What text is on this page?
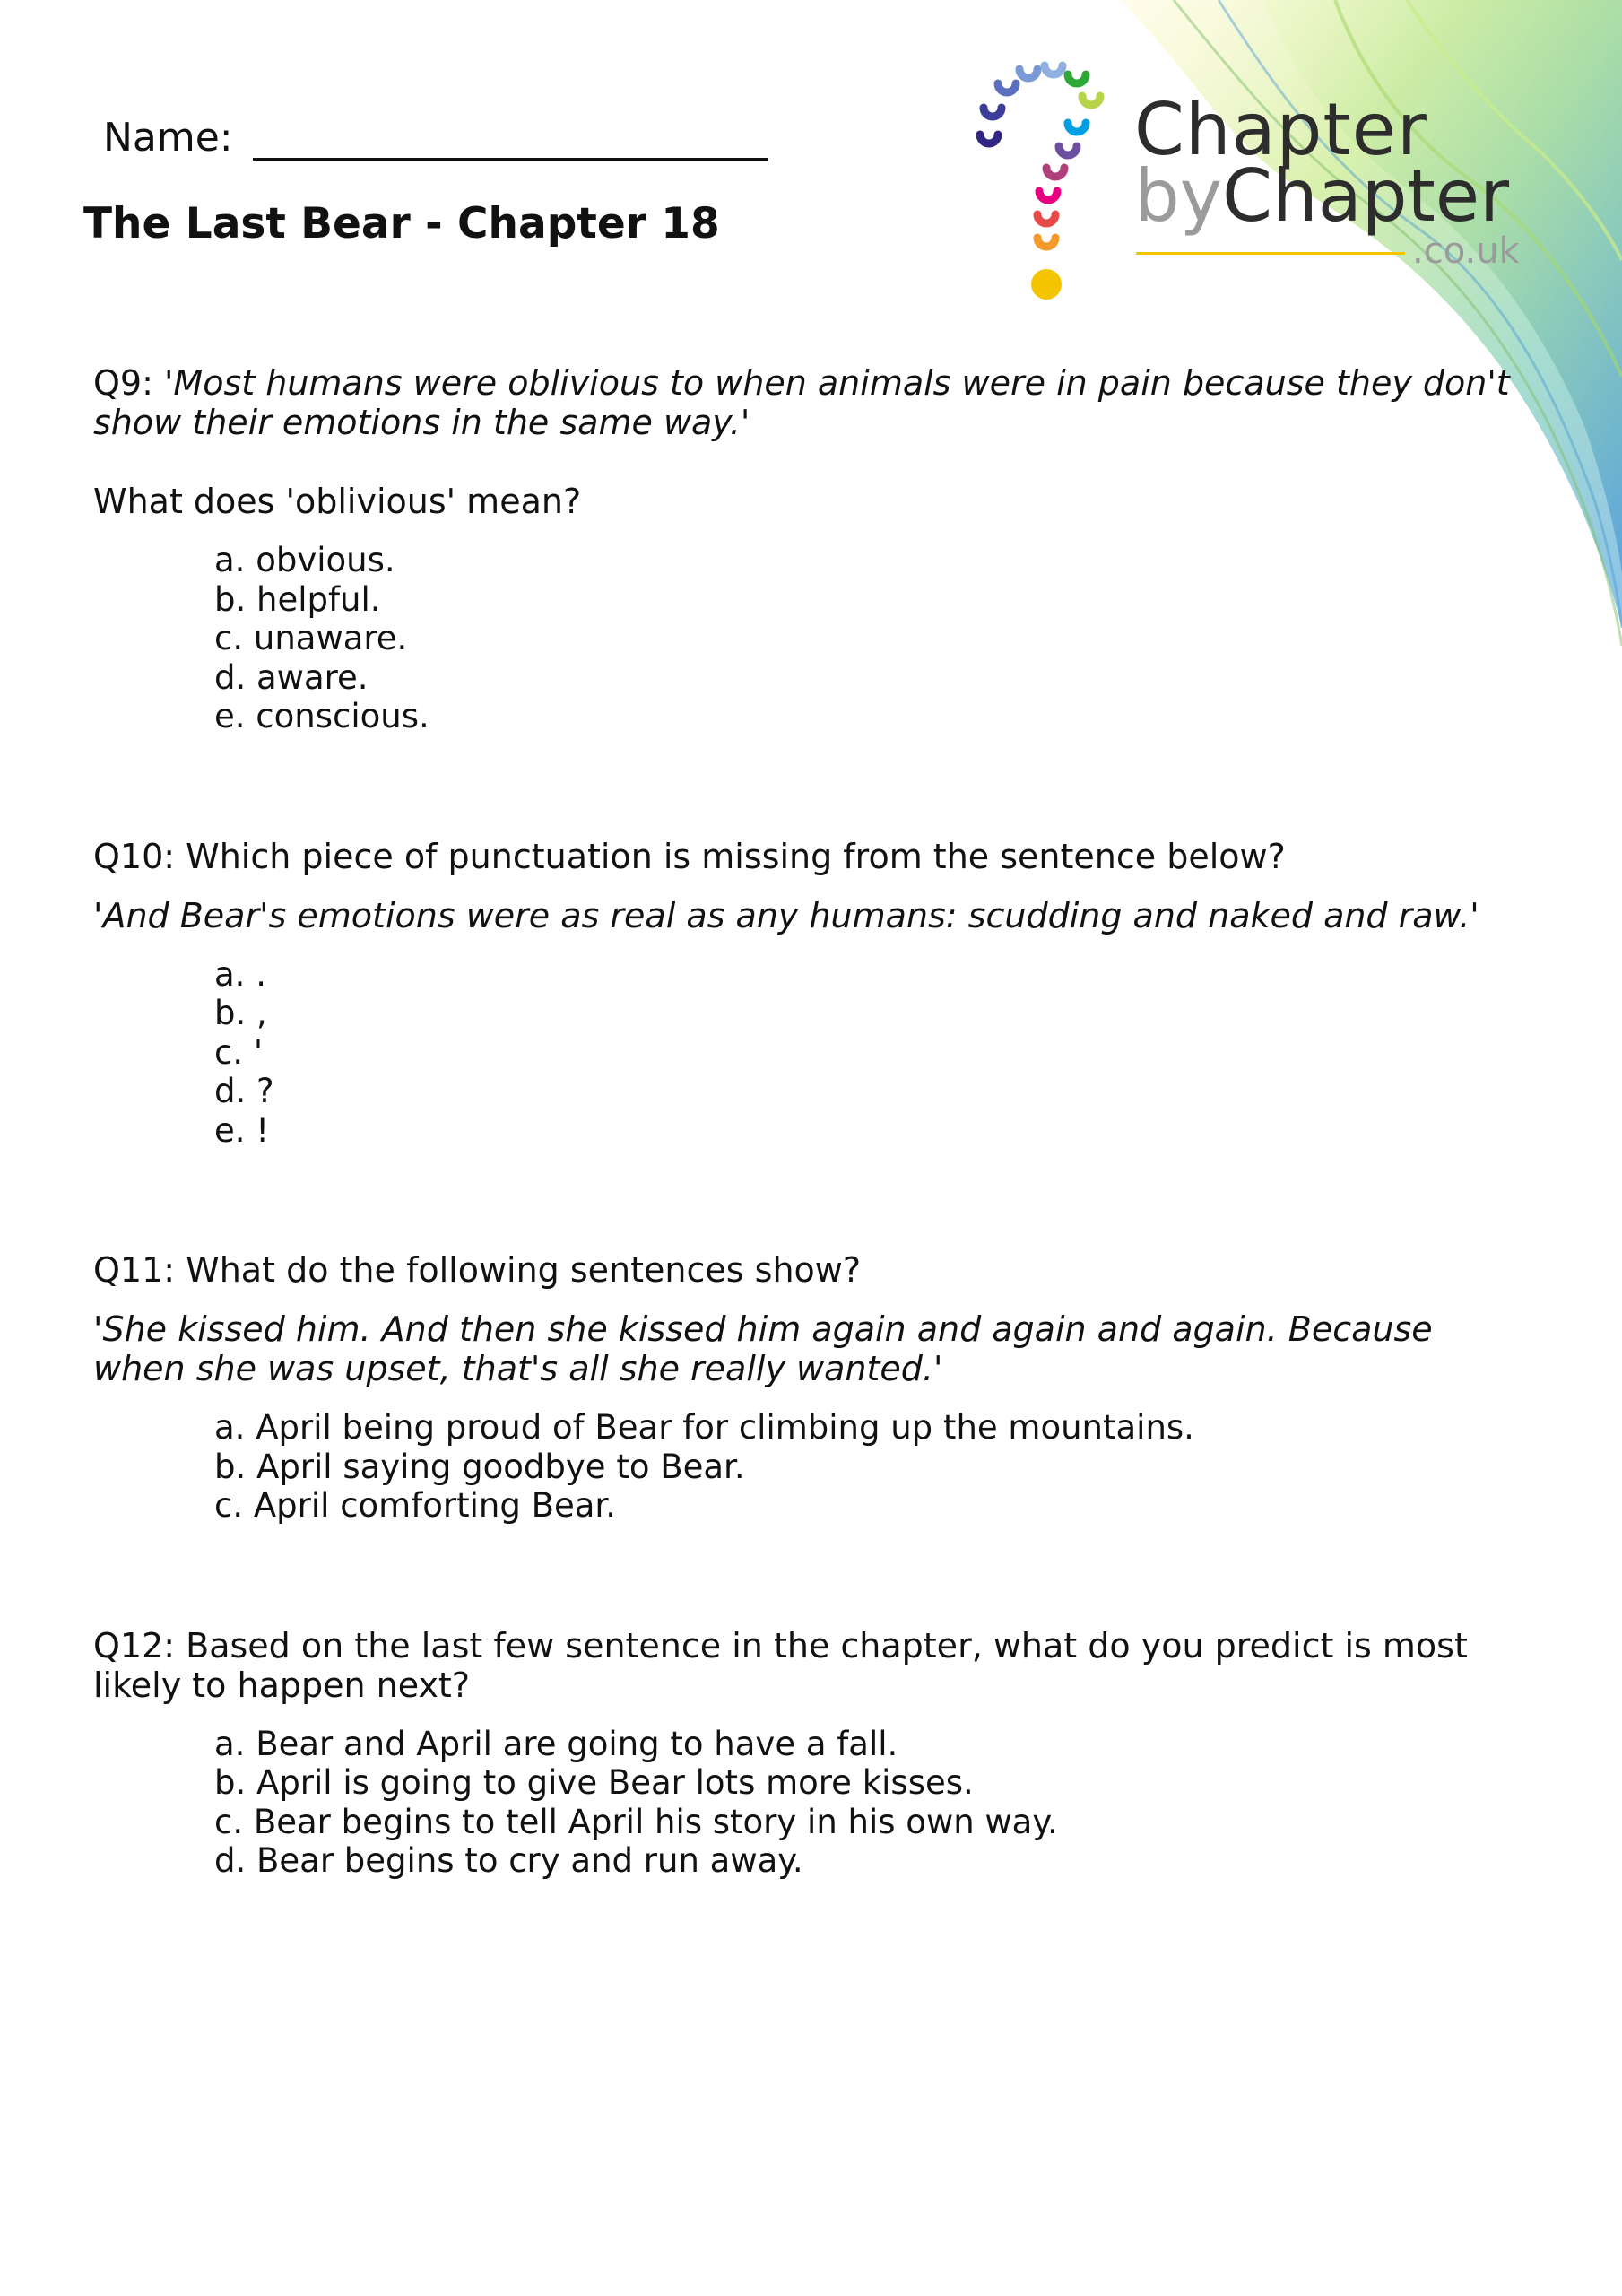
Name:
The Last Bear - Chapter 18
Chapter
byChapter
.co.uk

Q9: 'Most humans were oblivious to when animals were in pain because they don't show their emotions in the same way.'

What does 'oblivious' mean?

a. obvious.
b. helpful.
c. unaware.
d. aware.
e. conscious.

Q10: Which piece of punctuation is missing from the sentence below?

'And Bear's emotions were as real as any humans: scudding and naked and raw.'

a. .
b. ,
c. '
d. ?
e. !

Q11: What do the following sentences show?

'She kissed him. And then she kissed him again and again and again. Because when she was upset, that's all she really wanted.'

a. April being proud of Bear for climbing up the mountains.
b. April saying goodbye to Bear.
c. April comforting Bear.

Q12: Based on the last few sentence in the chapter, what do you predict is most likely to happen next?

a. Bear and April are going to have a fall.
b. April is going to give Bear lots more kisses.
c. Bear begins to tell April his story in his own way.
d. Bear begins to cry and run away.
